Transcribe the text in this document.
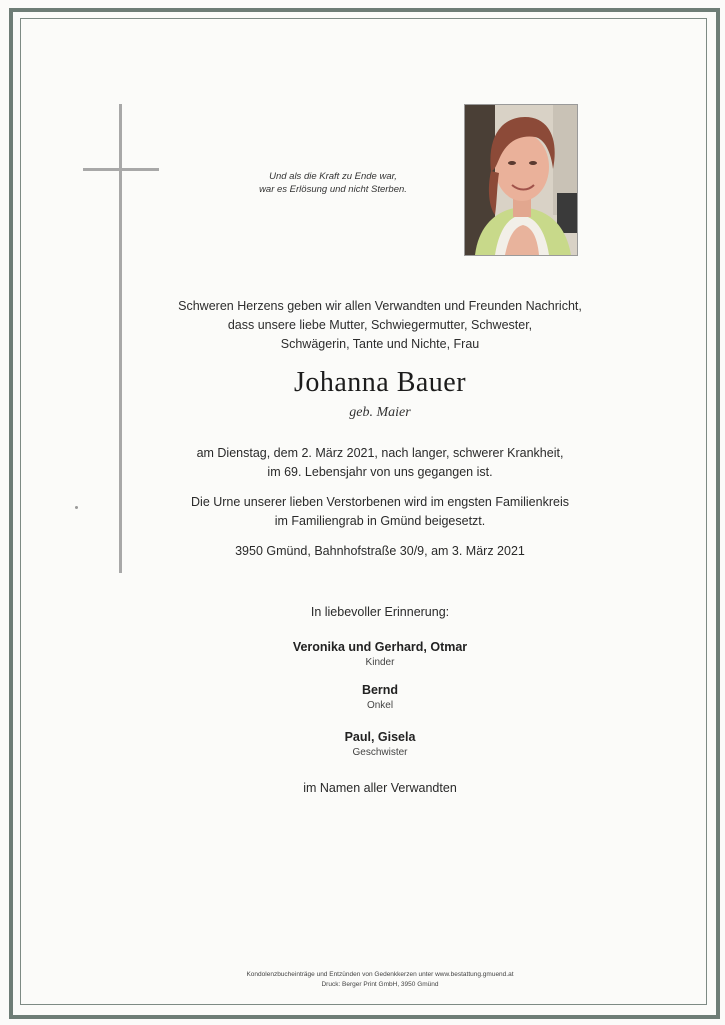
Und als die Kraft zu Ende war,
war es Erlösung und nicht Sterben.
Schweren Herzens geben wir allen Verwandten und Freunden Nachricht,
dass unsere liebe Mutter, Schwiegermutter, Schwester,
Schwägerin, Tante und Nichte, Frau
Johanna Bauer
geb. Maier
am Dienstag, dem 2. März 2021, nach langer, schwerer Krankheit,
im 69. Lebensjahr von uns gegangen ist.
Die Urne unserer lieben Verstorbenen wird im engsten Familienkreis
im Familiengrab in Gmünd beigesetzt.
3950 Gmünd, Bahnhofstraße 30/9, am 3. März 2021
In liebevoller Erinnerung:
Veronika und Gerhard, Otmar
Kinder
Bernd
Onkel
Paul, Gisela
Geschwister
im Namen aller Verwandten
Kondolenzbucheinträge und Entzünden von Gedenkkerzen unter www.bestattung.gmuend.at
Druck: Berger Print GmbH, 3950 Gmünd
